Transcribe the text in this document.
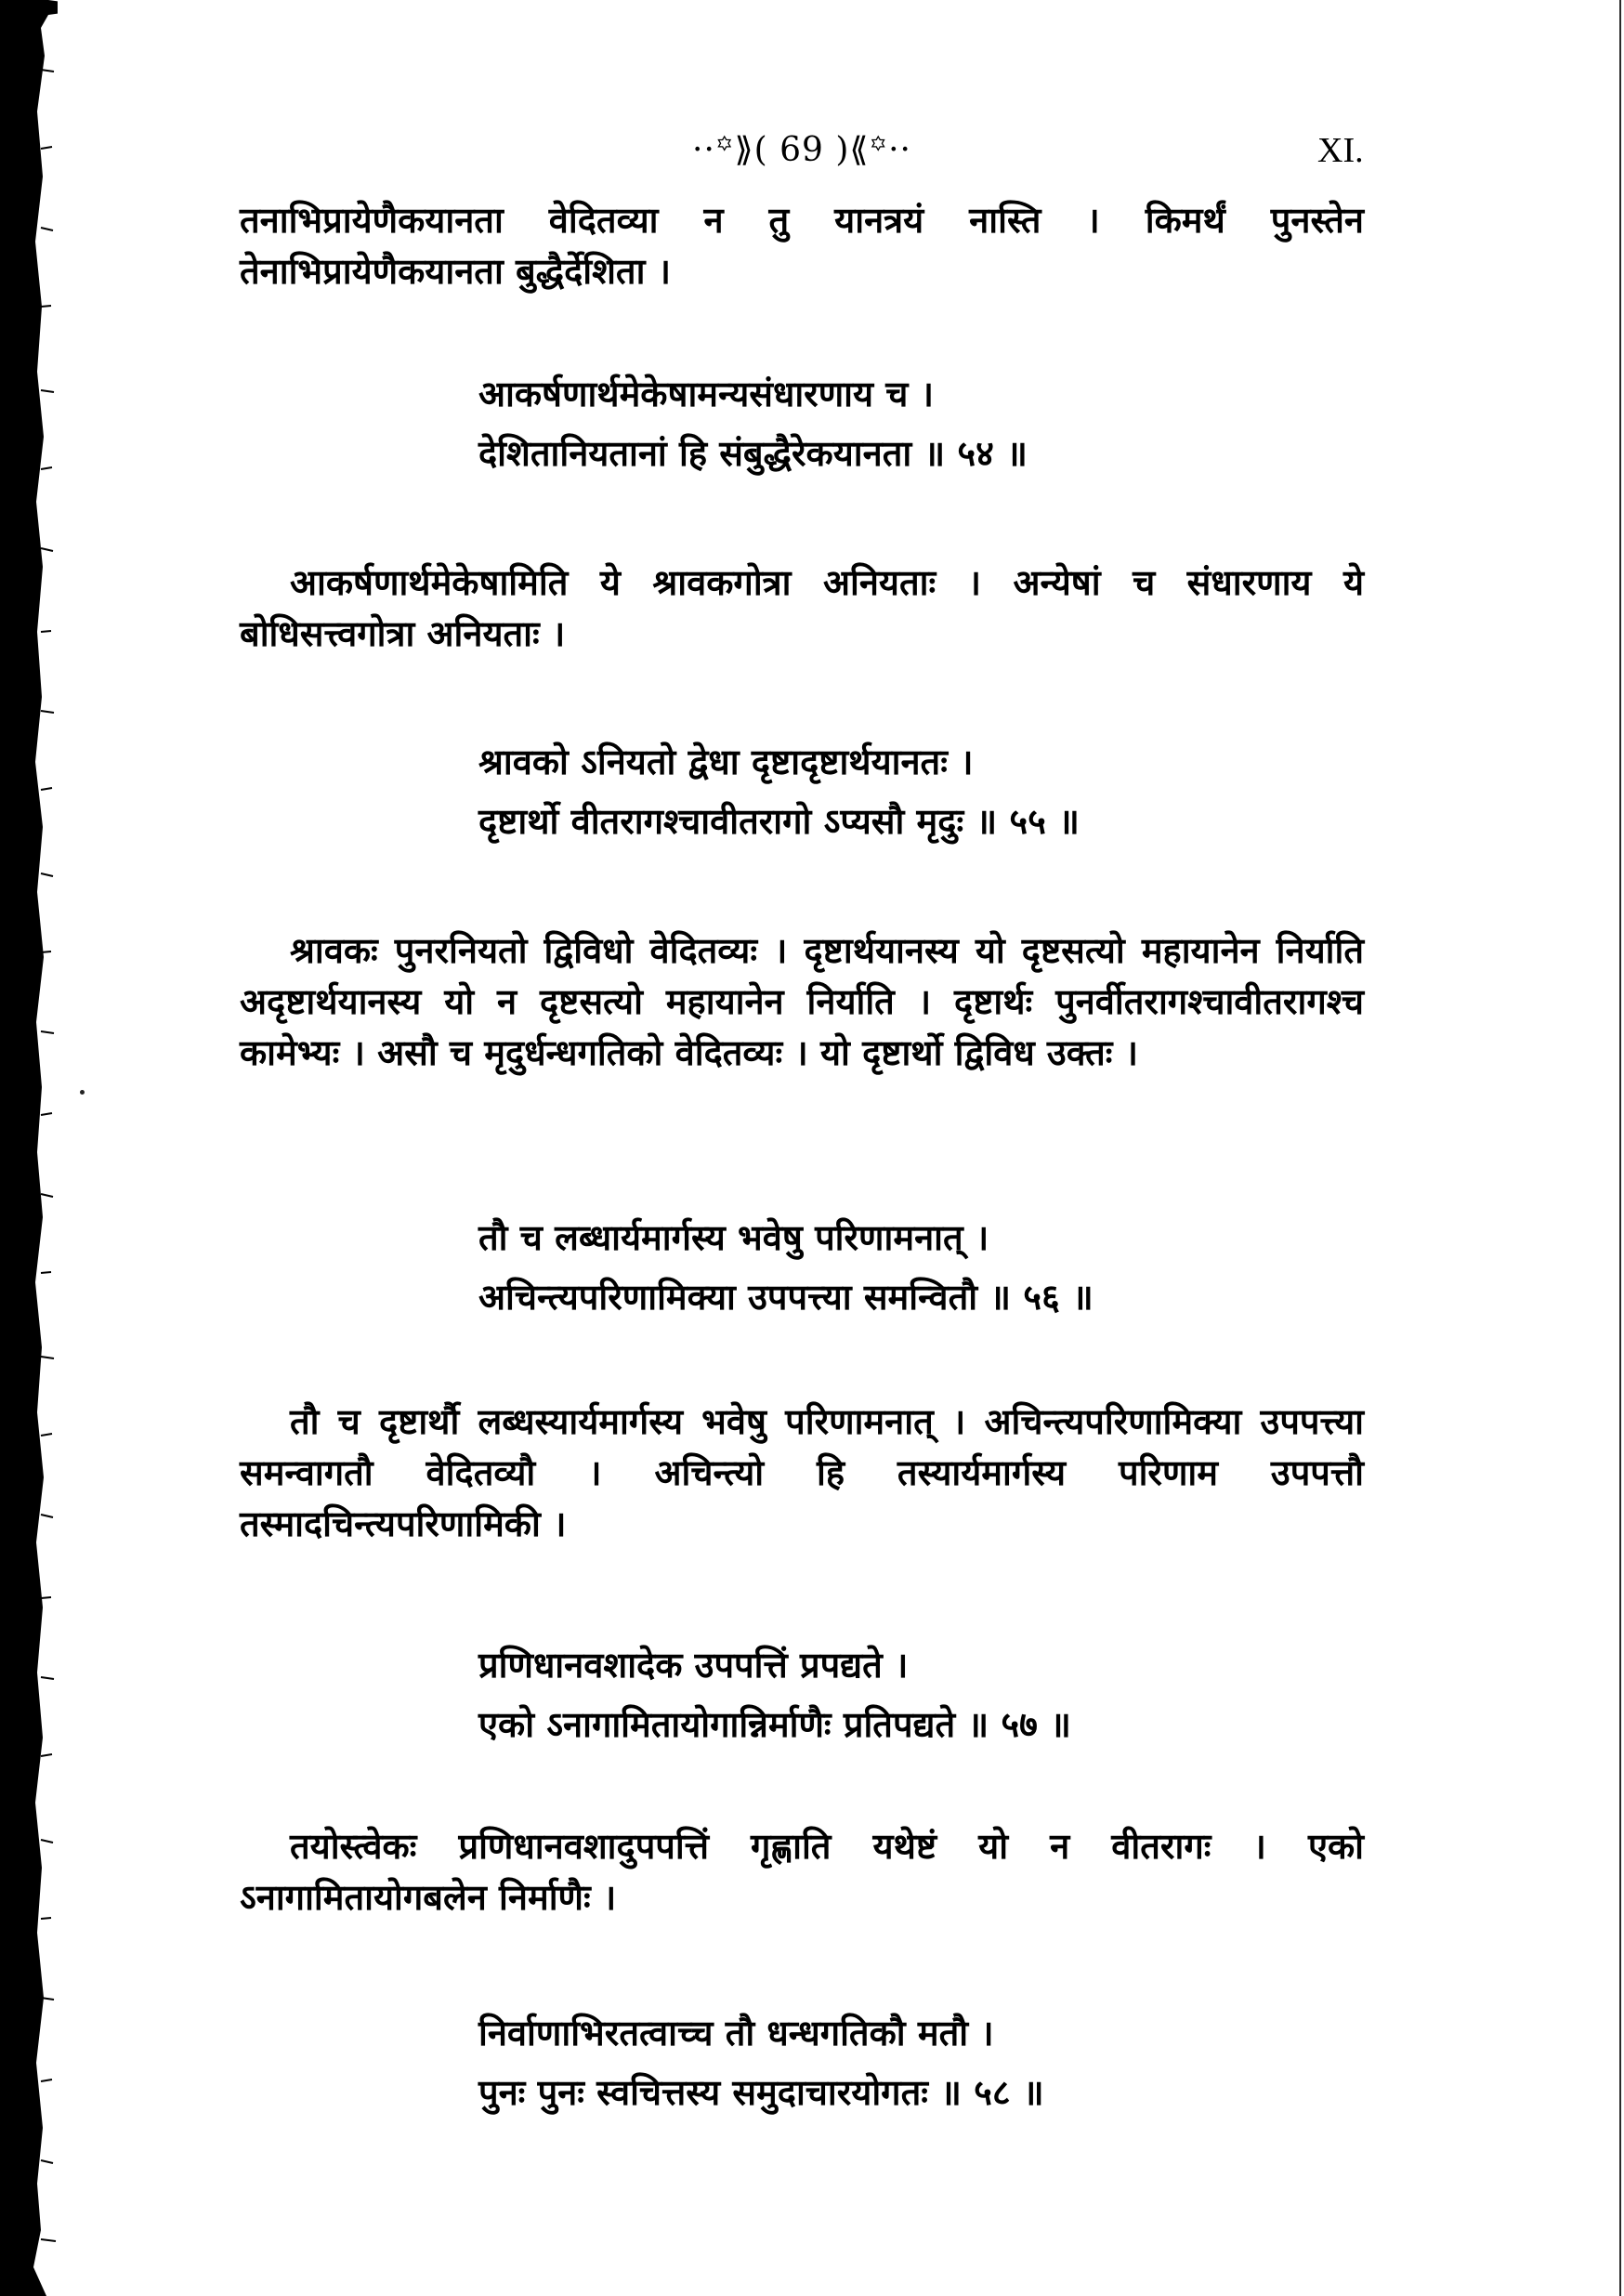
··꙳⟫( 69 )⟪꙳··	XI.

तनाभिप्रायेणैकयानता वेदितव्या न तु यानत्रयं नास्ति । किमर्थं पुनस्तेन तेनाभिप्रायेणैकयानता बुद्धैर्देशिता ।

आकर्षणार्थमेकेषामन्यसंधारणाय च ।
देशितानियतानां हि संबुद्धैरेकयानता ॥ ५४ ॥

आकर्षणार्थमेकेषामिति ये श्रावकगोत्रा अनियताः । अन्येषां च संधारणाय ये बोधिसत्त्वगोत्रा अनियताः ।

श्रावको ऽनियतो द्वेधा दृष्टादृष्टार्थयानतः ।
दृष्टार्थो वीतरागश्चावीतरागो ऽप्यसौ मृदुः ॥ ५५ ॥

श्रावकः पुनरनियतो द्विविधो वेदितव्यः । दृष्टार्थयानस्य यो दृष्टसत्यो महायानेन निर्याति अदृष्टार्थयानस्य यो न दृष्टसत्यो महायानेन निर्याति । दृष्टार्थः पुनर्वीतरागश्चावीतरागश्च कामेभ्यः । असौ च मृदुर्धन्धगतिको वेदितव्यः । यो दृष्टार्थो द्विविध उक्तः ।

तौ च लब्धार्यमार्गस्य भवेषु परिणामनात् ।
अचिन्त्यपरिणामिक्या उपपत्त्या समन्वितौ ॥ ५६ ॥

तौ च दृष्टार्थौ लब्धस्यार्यमार्गस्य भवेषु परिणामनात् । अचिन्त्यपरिणामिक्या उपपत्त्या समन्वागतौ वेदितव्यौ । अचिन्त्यो हि तस्यार्यमार्गस्य परिणाम उपपत्तौ तस्मादचिन्त्यपरिणामिकी ।

प्रणिधानवशादेक उपपत्तिं प्रपद्यते ।
एको ऽनागामितायोगान्निर्माणैः प्रतिपद्यते ॥ ५७ ॥

तयोस्त्वेकः प्रणिधानवशादुपपत्तिं गृह्णाति यथेष्टं यो न वीतरागः । एको ऽनागामितायोगबलेन निर्माणैः ।

निर्वाणाभिरतत्वाच्च तौ धन्धगतिकौ मतौ ।
पुनः पुनः स्वचित्तस्य समुदाचारयोगतः ॥ ५८ ॥
